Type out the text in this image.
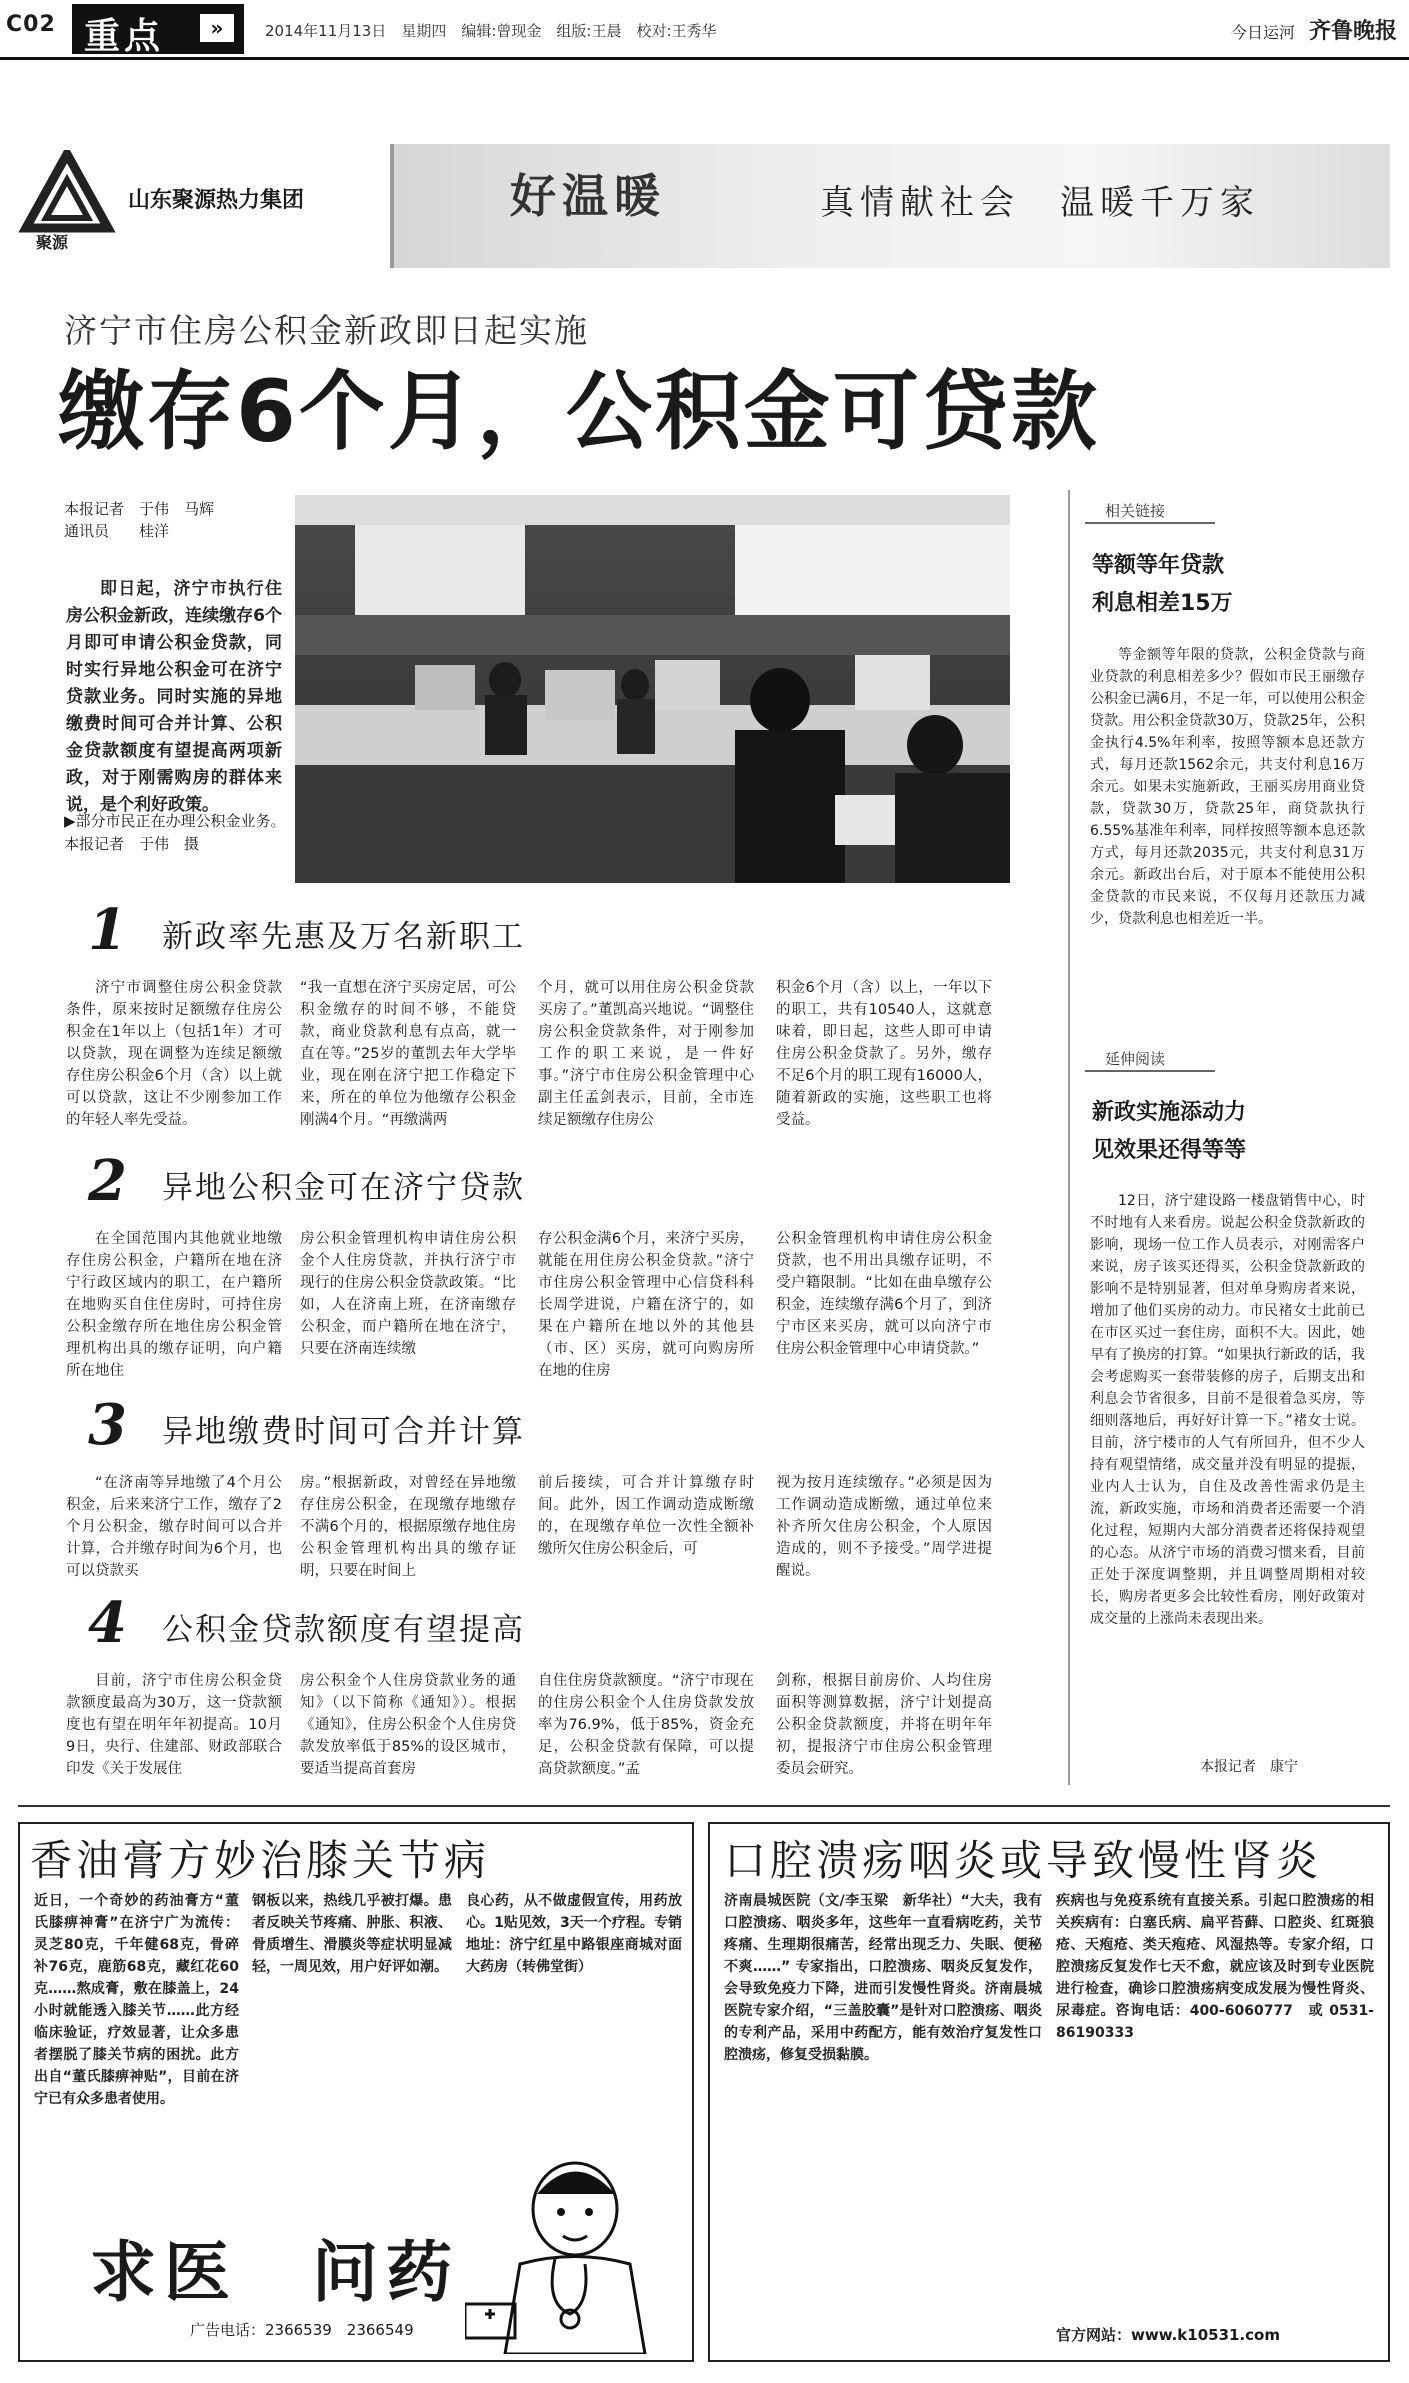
C02 重点	»	2014年11月13日　星期四　编辑:曾现金　组版:王晨　校对:王秀华	今日运河 齐鲁晚报
聚源
山东聚源热力集团	好温暖	真情献社会　温暖千万家
济宁市住房公积金新政即日起实施
缴存6个月，公积金可贷款
本报记者　于伟　马辉
通讯员　　桂洋
即日起，济宁市执行住房公积金新政，连续缴存6个月即可申请公积金贷款，同时实行异地公积金可在济宁贷款业务。同时实施的异地缴费时间可合并计算、公积金贷款额度有望提高两项新政，对于刚需购房的群体来说，是个利好政策。
▶部分市民正在办理公积金业务。　本报记者　于伟　摄
1 新政率先惠及万名新职工
济宁市调整住房公积金贷款条件，原来按时足额缴存住房公积金在1年以上（包括1年）才可以贷款，现在调整为连续足额缴存住房公积金6个月（含）以上就可以贷款，这让不少刚参加工作的年轻人率先受益。
“我一直想在济宁买房定居，可公积金缴存的时间不够，不能贷款，商业贷款利息有点高，就一直在等。”25岁的董凯去年大学毕业，现在刚在济宁把工作稳定下来，所在的单位为他缴存公积金刚满4个月。“再缴满两
个月，就可以用住房公积金贷款买房了。”董凯高兴地说。“调整住房公积金贷款条件，对于刚参加工作的职工来说，是一件好事。”济宁市住房公积金管理中心副主任孟剑表示，目前，全市连续足额缴存住房公
积金6个月（含）以上，一年以下的职工，共有10540人，这就意味着，即日起，这些人即可申请住房公积金贷款了。另外，缴存不足6个月的职工现有16000人，随着新政的实施，这些职工也将受益。
2 异地公积金可在济宁贷款
在全国范围内其他就业地缴存住房公积金，户籍所在地在济宁行政区域内的职工，在户籍所在地购买自住住房时，可持住房公积金缴存所在地住房公积金管理机构出具的缴存证明，向户籍所在地住
房公积金管理机构申请住房公积金个人住房贷款，并执行济宁市现行的住房公积金贷款政策。“比如，人在济南上班，在济南缴存公积金，而户籍所在地在济宁，只要在济南连续缴
存公积金满6个月，来济宁买房，就能在用住房公积金贷款。”济宁市住房公积金管理中心信贷科科长周学进说，户籍在济宁的，如果在户籍所在地以外的其他县（市、区）买房，就可向购房所在地的住房
公积金管理机构申请住房公积金贷款，也不用出具缴存证明，不受户籍限制。“比如在曲阜缴存公积金，连续缴存满6个月了，到济宁市区来买房，就可以向济宁市住房公积金管理中心申请贷款。”
3 异地缴费时间可合并计算
“在济南等异地缴了4个月公积金，后来来济宁工作，缴存了2个月公积金，缴存时间可以合并计算，合并缴存时间为6个月，也可以贷款买
房。”根据新政，对曾经在异地缴存住房公积金，在现缴存地缴存不满6个月的，根据原缴存地住房公积金管理机构出具的缴存证明，只要在时间上
前后接续，可合并计算缴存时间。此外，因工作调动造成断缴的，在现缴存单位一次性全额补缴所欠住房公积金后，可
视为按月连续缴存。”必须是因为工作调动造成断缴，通过单位来补齐所欠住房公积金，个人原因造成的，则不予接受。”周学进提醒说。
4 公积金贷款额度有望提高
目前，济宁市住房公积金贷款额度最高为30万，这一贷款额度也有望在明年年初提高。10月9日，央行、住建部、财政部联合印发《关于发展住
房公积金个人住房贷款业务的通知》（以下简称《通知》）。根据《通知》，住房公积金个人住房贷款发放率低于85%的设区城市，要适当提高首套房
自住住房贷款额度。“济宁市现在的住房公积金个人住房贷款发放率为76.9%，低于85%，资金充足，公积金贷款有保障，可以提高贷款额度。”孟
剑称，根据目前房价、人均住房面积等测算数据，济宁计划提高公积金贷款额度，并将在明年年初，提报济宁市住房公积金管理委员会研究。
相关链接
等额等年贷款
利息相差15万
等金额等年限的贷款，公积金贷款与商业贷款的利息相差多少？假如市民王丽缴存公积金已满6月，不足一年，可以使用公积金贷款。用公积金贷款30万，贷款25年，公积金执行4.5%年利率，按照等额本息还款方式，每月还款1562余元，共支付利息16万余元。如果未实施新政，王丽买房用商业贷款，贷款30万，贷款25年，商贷款执行6.55%基准年利率，同样按照等额本息还款方式，每月还款2035元，共支付利息31万余元。新政出台后，对于原本不能使用公积金贷款的市民来说，不仅每月还款压力减少，贷款利息也相差近一半。
延伸阅读
新政实施添动力
见效果还得等等
12日，济宁建设路一楼盘销售中心，时不时地有人来看房。说起公积金贷款新政的影响，现场一位工作人员表示，对刚需客户来说，房子该买还得买，公积金贷款新政的影响不是特别显著，但对单身购房者来说，增加了他们买房的动力。市民褚女士此前已在市区买过一套住房，面积不大。因此，她早有了换房的打算。“如果执行新政的话，我会考虑购买一套带装修的房子，后期支出和利息会节省很多，目前不是很着急买房，等细则落地后，再好好计算一下。”褚女士说。目前，济宁楼市的人气有所回升，但不少人持有观望情绪，成交量并没有明显的提振，业内人士认为，自住及改善性需求仍是主流，新政实施，市场和消费者还需要一个消化过程，短期内大部分消费者还将保持观望的心态。从济宁市场的消费习惯来看，目前正处于深度调整期，并且调整周期相对较长，购房者更多会比较性看房，刚好政策对成交量的上涨尚未表现出来。
本报记者　康宁
香油膏方妙治膝关节病
近日，一个奇妙的药油膏方“董氏膝痹神膏”在济宁广为流传：灵芝80克，千年健68克，骨碎补76克，鹿筋68克，藏红花60克……熬成膏，敷在膝盖上，24小时就能透入膝关节……此方经临床验证，疗效显著，让众多患者摆脱了膝关节病的困扰。此方出自“董氏膝痹神贴”，目前在济宁已有众多患者使用。
钢板以来，热线几乎被打爆。患者反映关节疼痛、肿胀、积液、骨质增生、滑膜炎等症状明显减轻，一周见效，用户好评如潮。
良心药，从不做虚假宣传，用药放心。1贴见效，3天一个疗程。专销地址：济宁红星中路银座商城对面大药房（转佛堂街）
求医　问药
广告电话：2366539　2366549
口腔溃疡咽炎或导致慢性肾炎
济南晨城医院（文/李玉梁　新华社）“大夫，我有口腔溃疡、咽炎多年，这些年一直看病吃药，关节疼痛、生理期很痛苦，经常出现乏力、失眠、便秘不爽……” 专家指出，口腔溃疡、咽炎反复发作，会导致免疫力下降，进而引发慢性肾炎。济南晨城医院专家介绍，“三盖胶囊”是针对口腔溃疡、咽炎的专利产品，采用中药配方，能有效治疗复发性口腔溃疡，修复受损黏膜。
疾病也与免疫系统有直接关系。引起口腔溃疡的相关疾病有：白塞氏病、扁平苔藓、口腔炎、红斑狼疮、天疱疮、类天疱疮、风湿热等。专家介绍，口腔溃疡反复发作七天不愈，就应该及时到专业医院进行检查，确诊口腔溃疡病变成发展为慢性肾炎、尿毒症。咨询电话：400-6060777　或 0531-86190333
官方网站：www.k10531.com
